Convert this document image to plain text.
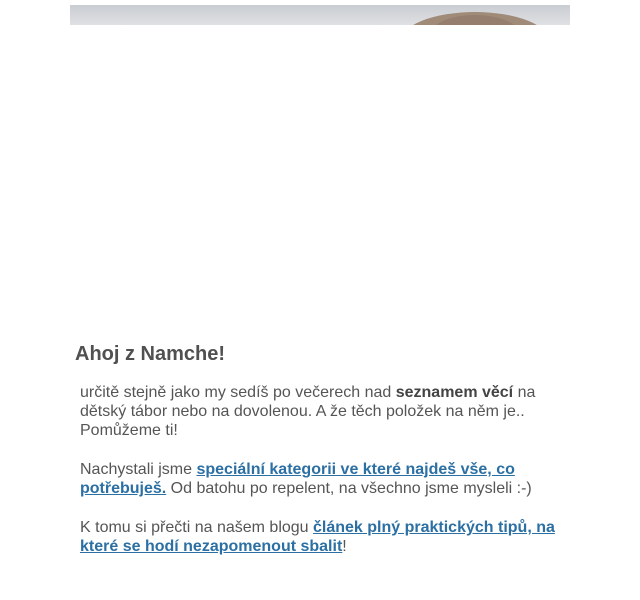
Ahoj z Namche!

určitě stejně jako my sedíš po večerech nad seznamem věcí na dětský tábor nebo na dovolenou. A že těch položek na něm je.. Pomůžeme ti!

Nachystali jsme speciální kategorii ve které najdeš vše, co potřebuješ. Od batohu po repelent, na všechno jsme mysleli :-)

K tomu si přečti na našem blogu článek plný praktických tipů, na které se hodí nezapomenout sbalit!
